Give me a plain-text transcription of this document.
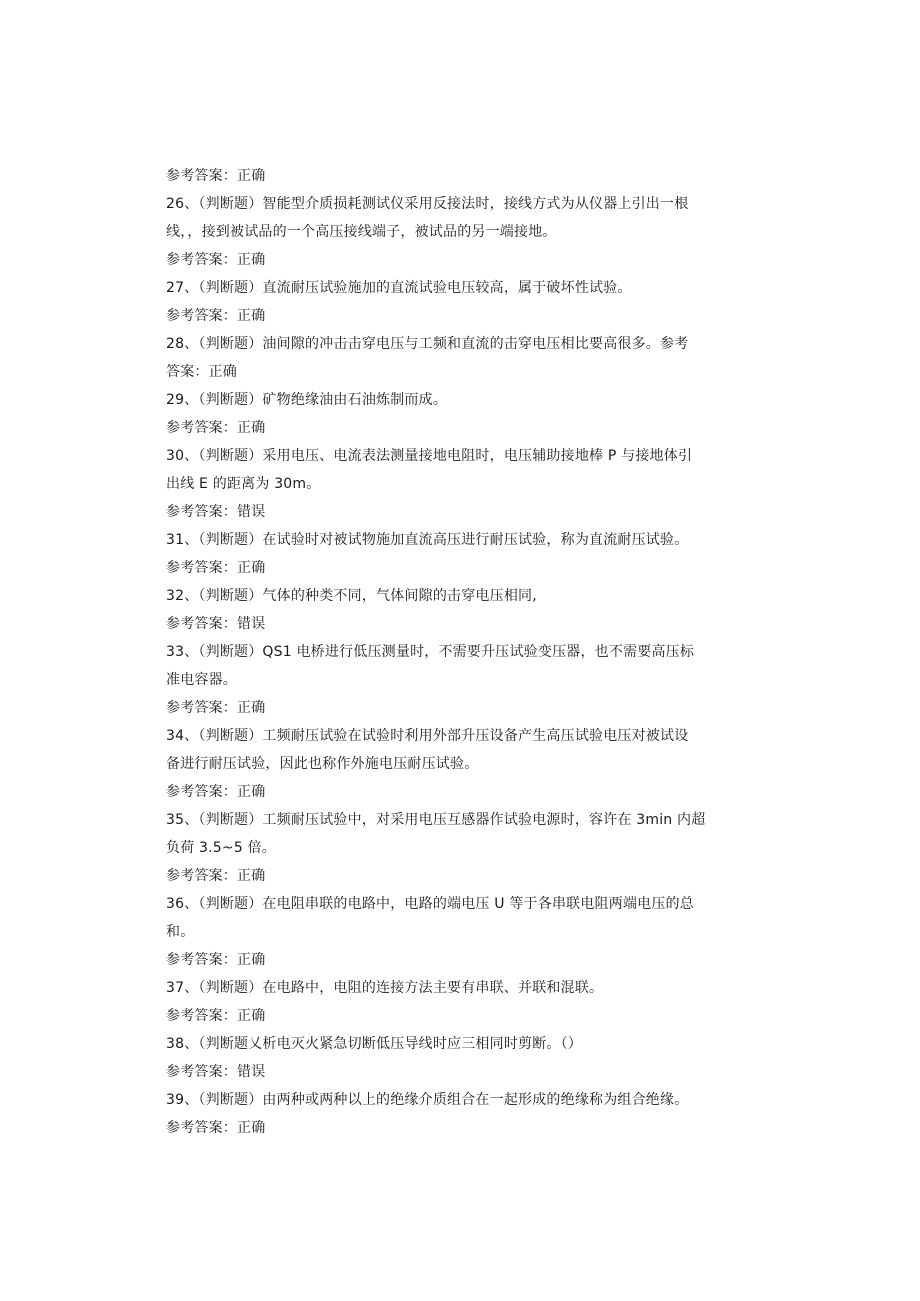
参考答案：正确
26、（判断题）智能型介质损耗测试仪采用反接法时，接线方式为从仪器上引出一根
线，，接到被试品的一个高压接线端子，被试品的另一端接地。
参考答案：正确
27、（判断题）直流耐压试验施加的直流试验电压较高，属于破坏性试验。
参考答案：正确
28、（判断题）油间隙的冲击击穿电压与工频和直流的击穿电压相比要高很多。参考
答案：正确
29、（判断题）矿物绝缘油由石油炼制而成。
参考答案：正确
30、（判断题）采用电压、电流表法测量接地电阻时，电压辅助接地棒 P 与接地体引
出线 E 的距离为 30m。
参考答案：错误
31、（判断题）在试验时对被试物施加直流高压进行耐压试验，称为直流耐压试验。
参考答案：正确
32、（判断题）气体的种类不同，气体间隙的击穿电压相同,
参考答案：错误
33、（判断题）QS1 电桥进行低压测量时，不需要升压试验变压器，也不需要高压标
准电容器。
参考答案：正确
34、（判断题）工频耐压试验在试验时利用外部升压设备产生高压试验电压对被试设
备进行耐压试验，因此也称作外施电压耐压试验。
参考答案：正确
35、（判断题）工频耐压试验中，对采用电压互感器作试验电源时，容许在 3min 内超
负荷 3.5~5 倍。
参考答案：正确
36、（判断题）在电阻串联的电路中，电路的端电压 U 等于各串联电阻两端电压的总
和。
参考答案：正确
37、（判断题）在电路中，电阻的连接方法主要有串联、并联和混联。
参考答案：正确
38、（判断题乂析电灭火紧急切断低压导线时应三相同时剪断。（）
参考答案：错误
39、（判断题）由两种或两种以上的绝缘介质组合在一起形成的绝缘称为组合绝缘。
参考答案：正确
